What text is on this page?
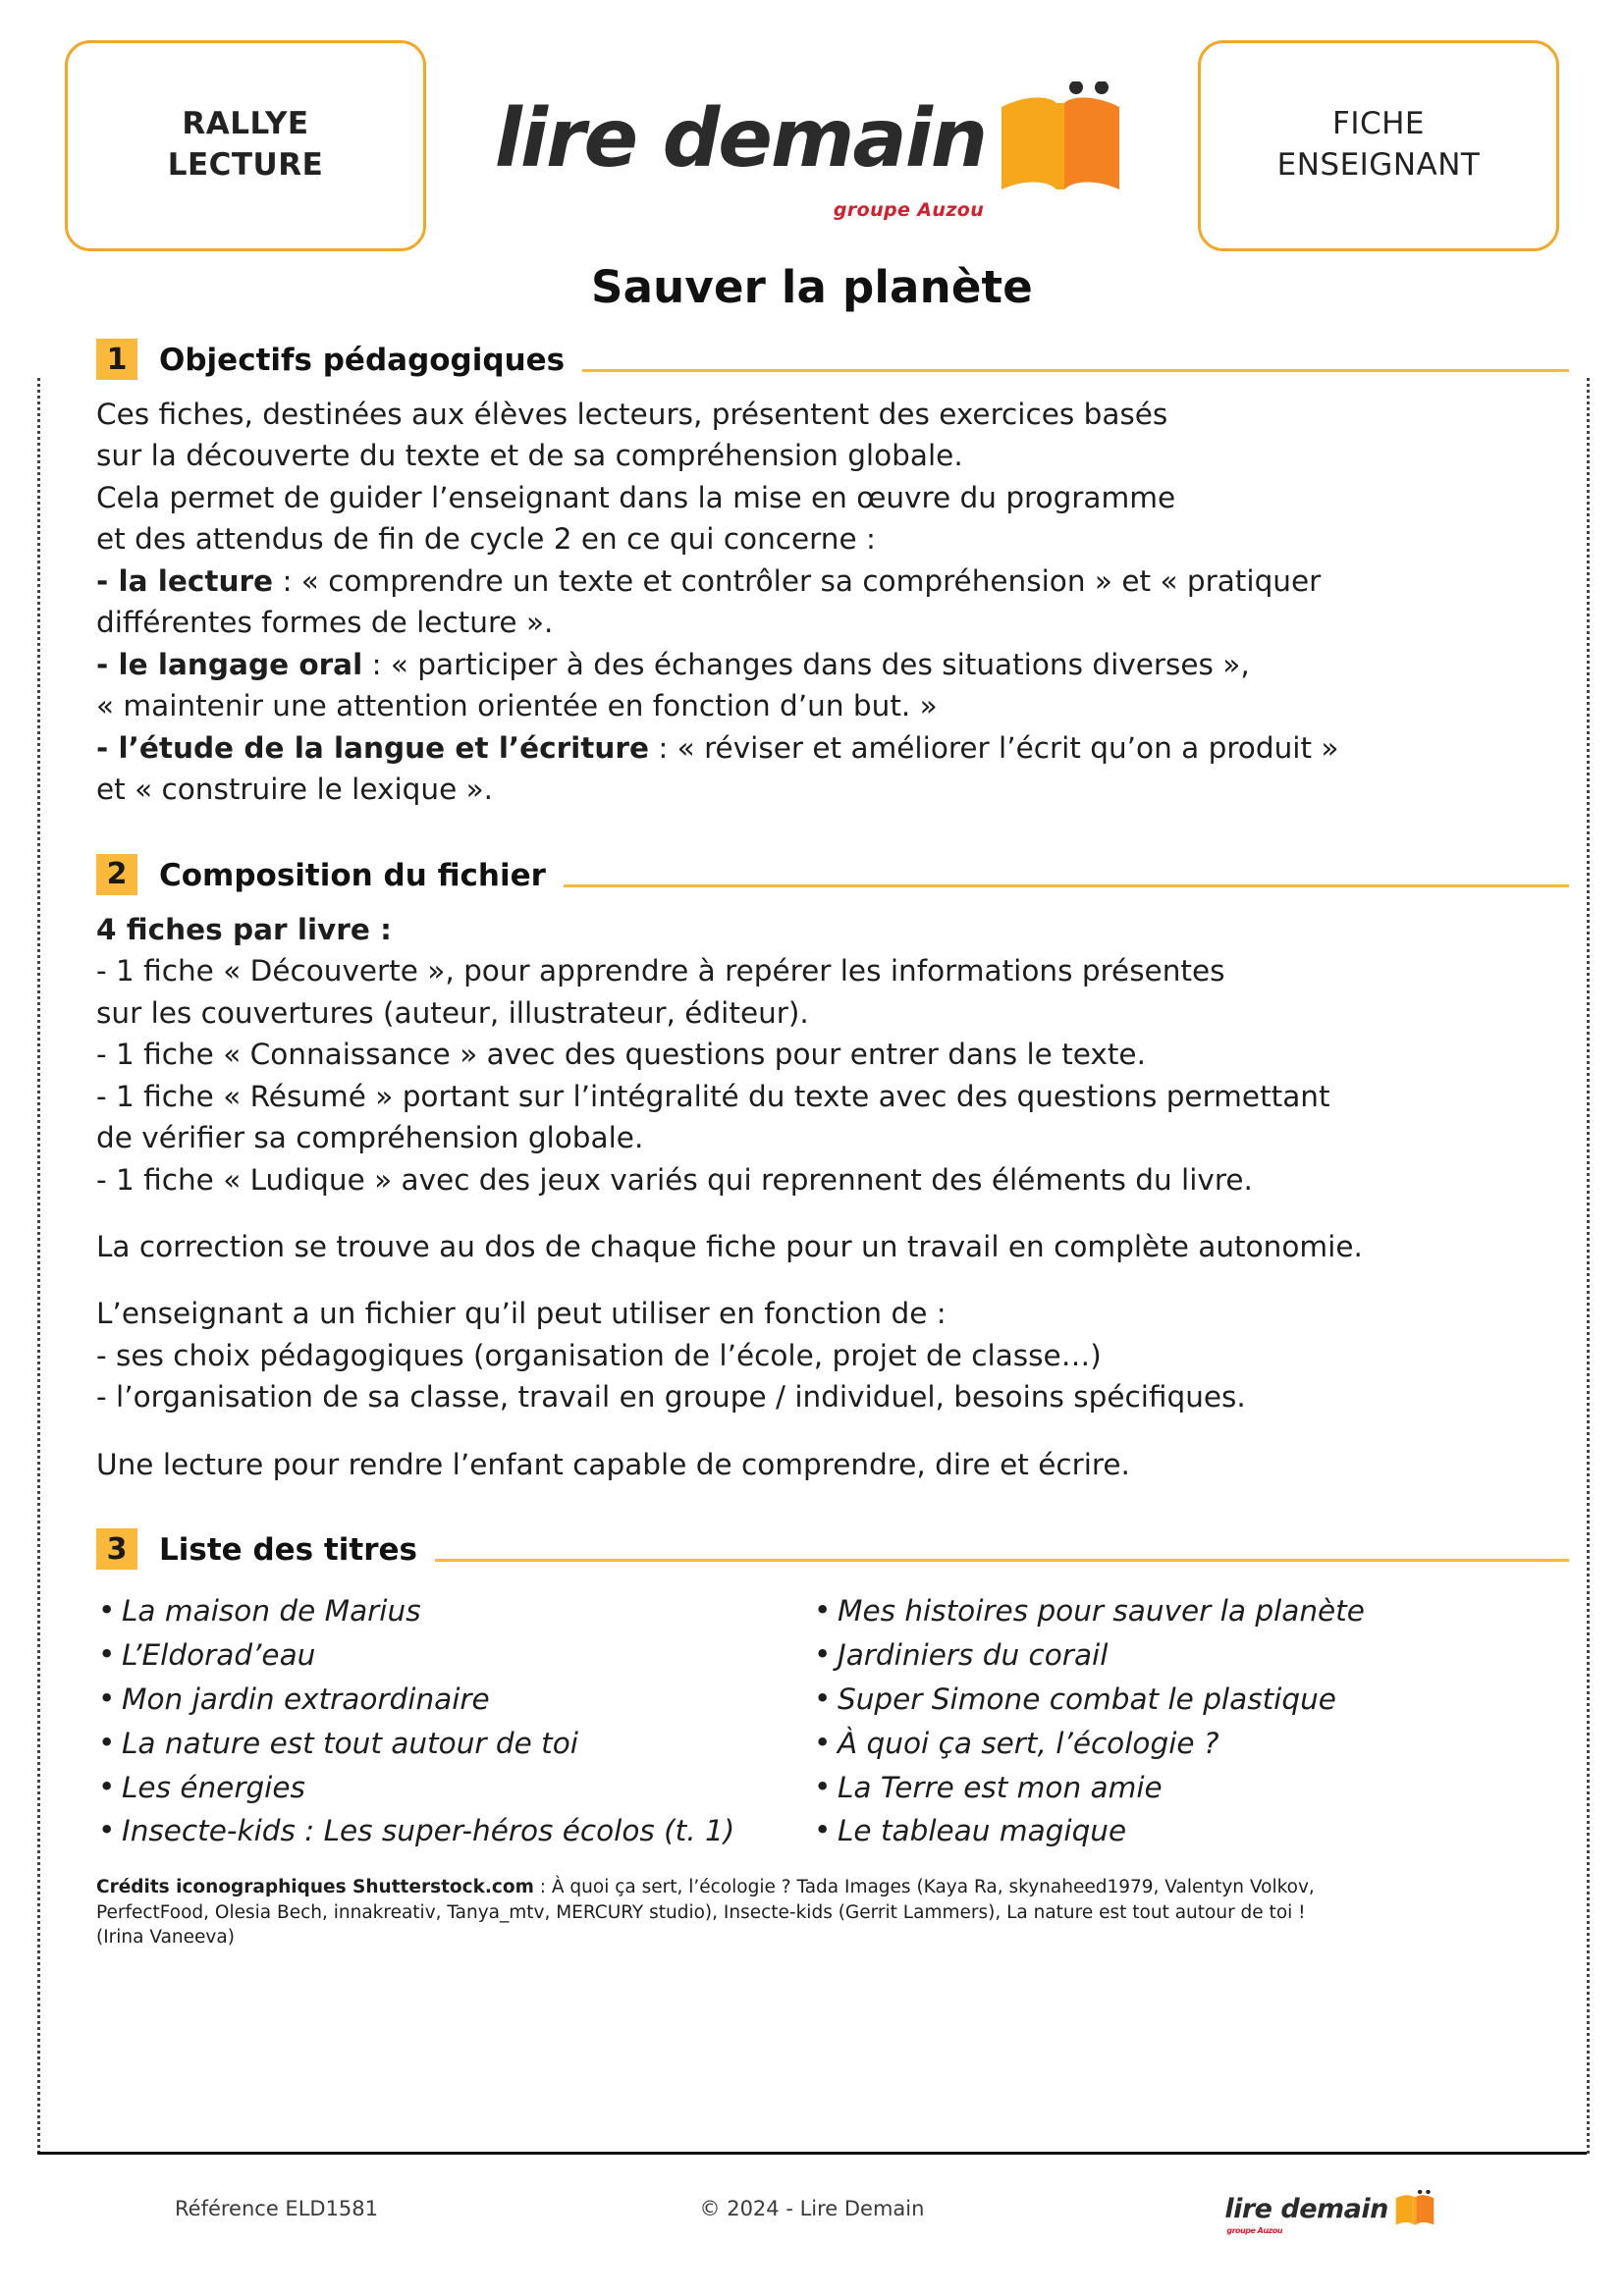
RALLYE
LECTURE lire demain
groupe Auzou
FICHE
ENSEIGNANT
Sauver la planète
1	Objectifs pédagogiques

Ces fiches, destinées aux élèves lecteurs, présentent des exercices basés

sur la découverte du texte et de sa compréhension globale.

Cela permet de guider l’enseignant dans la mise en œuvre du programme

et des attendus de fin de cycle 2 en ce qui concerne :

- la lecture : « comprendre un texte et contrôler sa compréhension » et « pratiquer

différentes formes de lecture ».

- le langage oral : « participer à des échanges dans des situations diverses »,

« maintenir une attention orientée en fonction d’un but. »

- l’étude de la langue et l’écriture : « réviser et améliorer l’écrit qu’on a produit »

et « construire le lexique ».

2	Composition du fichier

4 fiches par livre :

- 1 fiche « Découverte », pour apprendre à repérer les informations présentes

sur les couvertures (auteur, illustrateur, éditeur).

- 1 fiche « Connaissance » avec des questions pour entrer dans le texte.

- 1 fiche « Résumé » portant sur l’intégralité du texte avec des questions permettant

de vérifier sa compréhension globale.

- 1 fiche « Ludique » avec des jeux variés qui reprennent des éléments du livre.

La correction se trouve au dos de chaque fiche pour un travail en complète autonomie.

L’enseignant a un fichier qu’il peut utiliser en fonction de :

- ses choix pédagogiques (organisation de l’école, projet de classe…)

- l’organisation de sa classe, travail en groupe / individuel, besoins spécifiques.

Une lecture pour rendre l’enfant capable de comprendre, dire et écrire.

3	Liste des titres
• La maison de Marius
• L’Eldorad’eau
• Mon jardin extraordinaire
• La nature est tout autour de toi
• Les énergies
• Insecte-kids : Les super-héros écolos (t. 1)
• Mes histoires pour sauver la planète
• Jardiniers du corail
• Super Simone combat le plastique
• À quoi ça sert, l’écologie ?
• La Terre est mon amie
• Le tableau magique
Crédits iconographiques Shutterstock.com : À quoi ça sert, l’écologie ? Tada Images (Kaya Ra, skynaheed1979, Valentyn Volkov,
PerfectFood, Olesia Bech, innakreativ, Tanya_mtv, MERCURY studio), Insecte-kids (Gerrit Lammers), La nature est tout autour de toi !
(Irina Vaneeva)
Référence ELD1581	© 2024 - Lire Demain	lire demain
groupe Auzou
